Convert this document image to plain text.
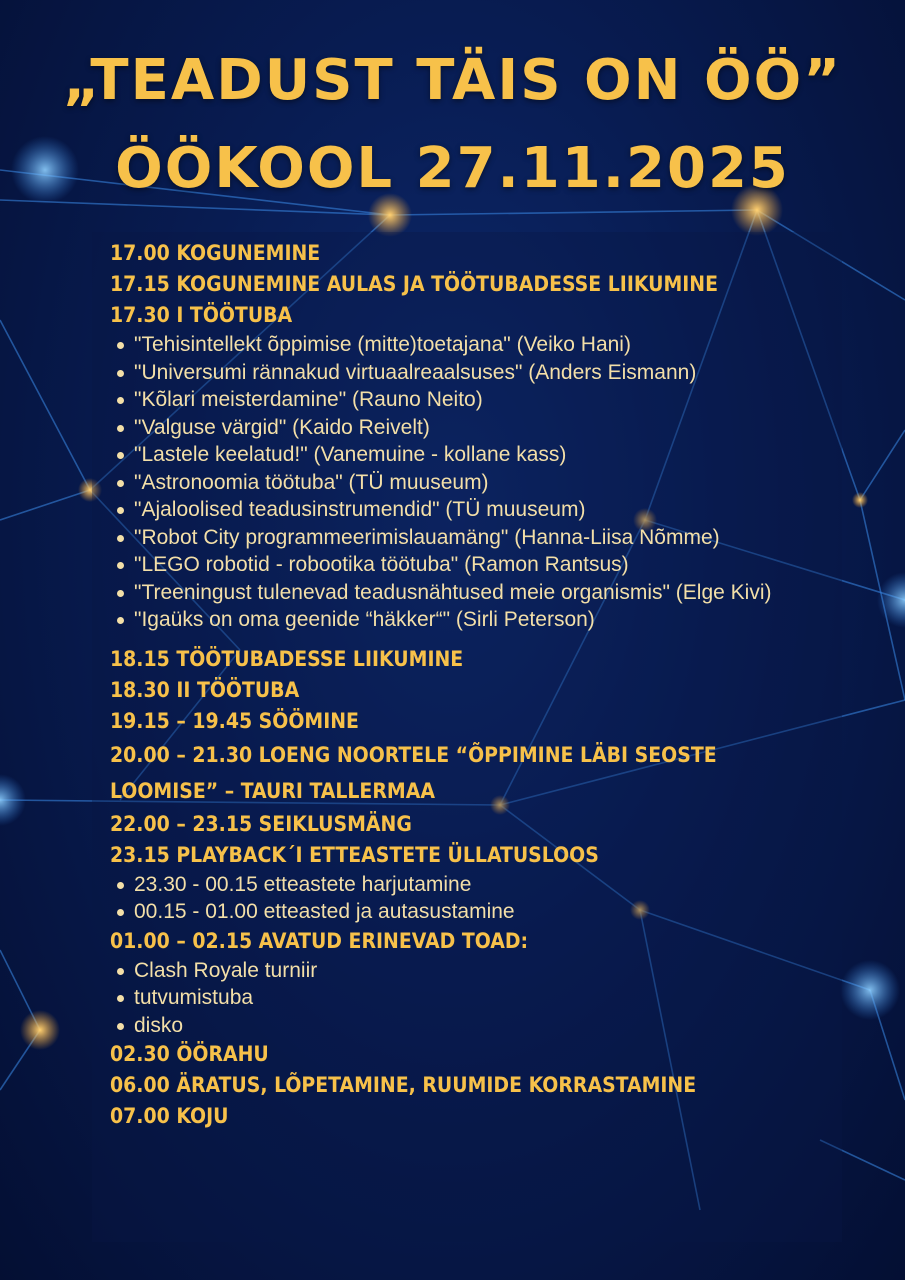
„TEADUST TÄIS ON ÖÖ”
ÖÖKOOL 27.11.2025
17.00 KOGUNEMINE
17.15 KOGUNEMINE AULAS JA TÖÖTUBADESSE LIIKUMINE
17.30 I TÖÖTUBA
"Tehisintellekt õppimise (mitte)toetajana" (Veiko Hani)
"Universumi rännakud virtuaalreaalsuses" (Anders Eismann)
"Kõlari meisterdamine" (Rauno Neito)
"Valguse värgid" (Kaido Reivelt)
"Lastele keelatud!" (Vanemuine - kollane kass)
"Astronoomia töötuba" (TÜ muuseum)
"Ajaloolised teadusinstrumendid" (TÜ muuseum)
"Robot City programmeerimislauamäng" (Hanna-Liisa Nõmme)
"LEGO robotid - robootika töötuba" (Ramon Rantsus)
"Treeningust tulenevad teadusnähtused meie organismis" (Elge Kivi)
"Igaüks on oma geenide “häkker“" (Sirli Peterson)
18.15 TÖÖTUBADESSE LIIKUMINE
18.30 II TÖÖTUBA
19.15 – 19.45 SÖÖMINE
20.00 – 21.30 LOENG NOORTELE “ÕPPIMINE LÄBI SEOSTE LOOMISE” – TAURI TALLERMAA
22.00 – 23.15 SEIKLUSMÄNG
23.15 PLAYBACK´I ETTEASTETE ÜLLATUSLOOS
23.30 - 00.15 etteastete harjutamine
00.15 - 01.00 etteasted ja autasustamine
01.00 – 02.15 AVATUD ERINEVAD TOAD:
Clash Royale turniir
tutvumistuba
disko
02.30 ÖÖRAHU
06.00 ÄRATUS, LÕPETAMINE, RUUMIDE KORRASTAMINE
07.00 KOJU
